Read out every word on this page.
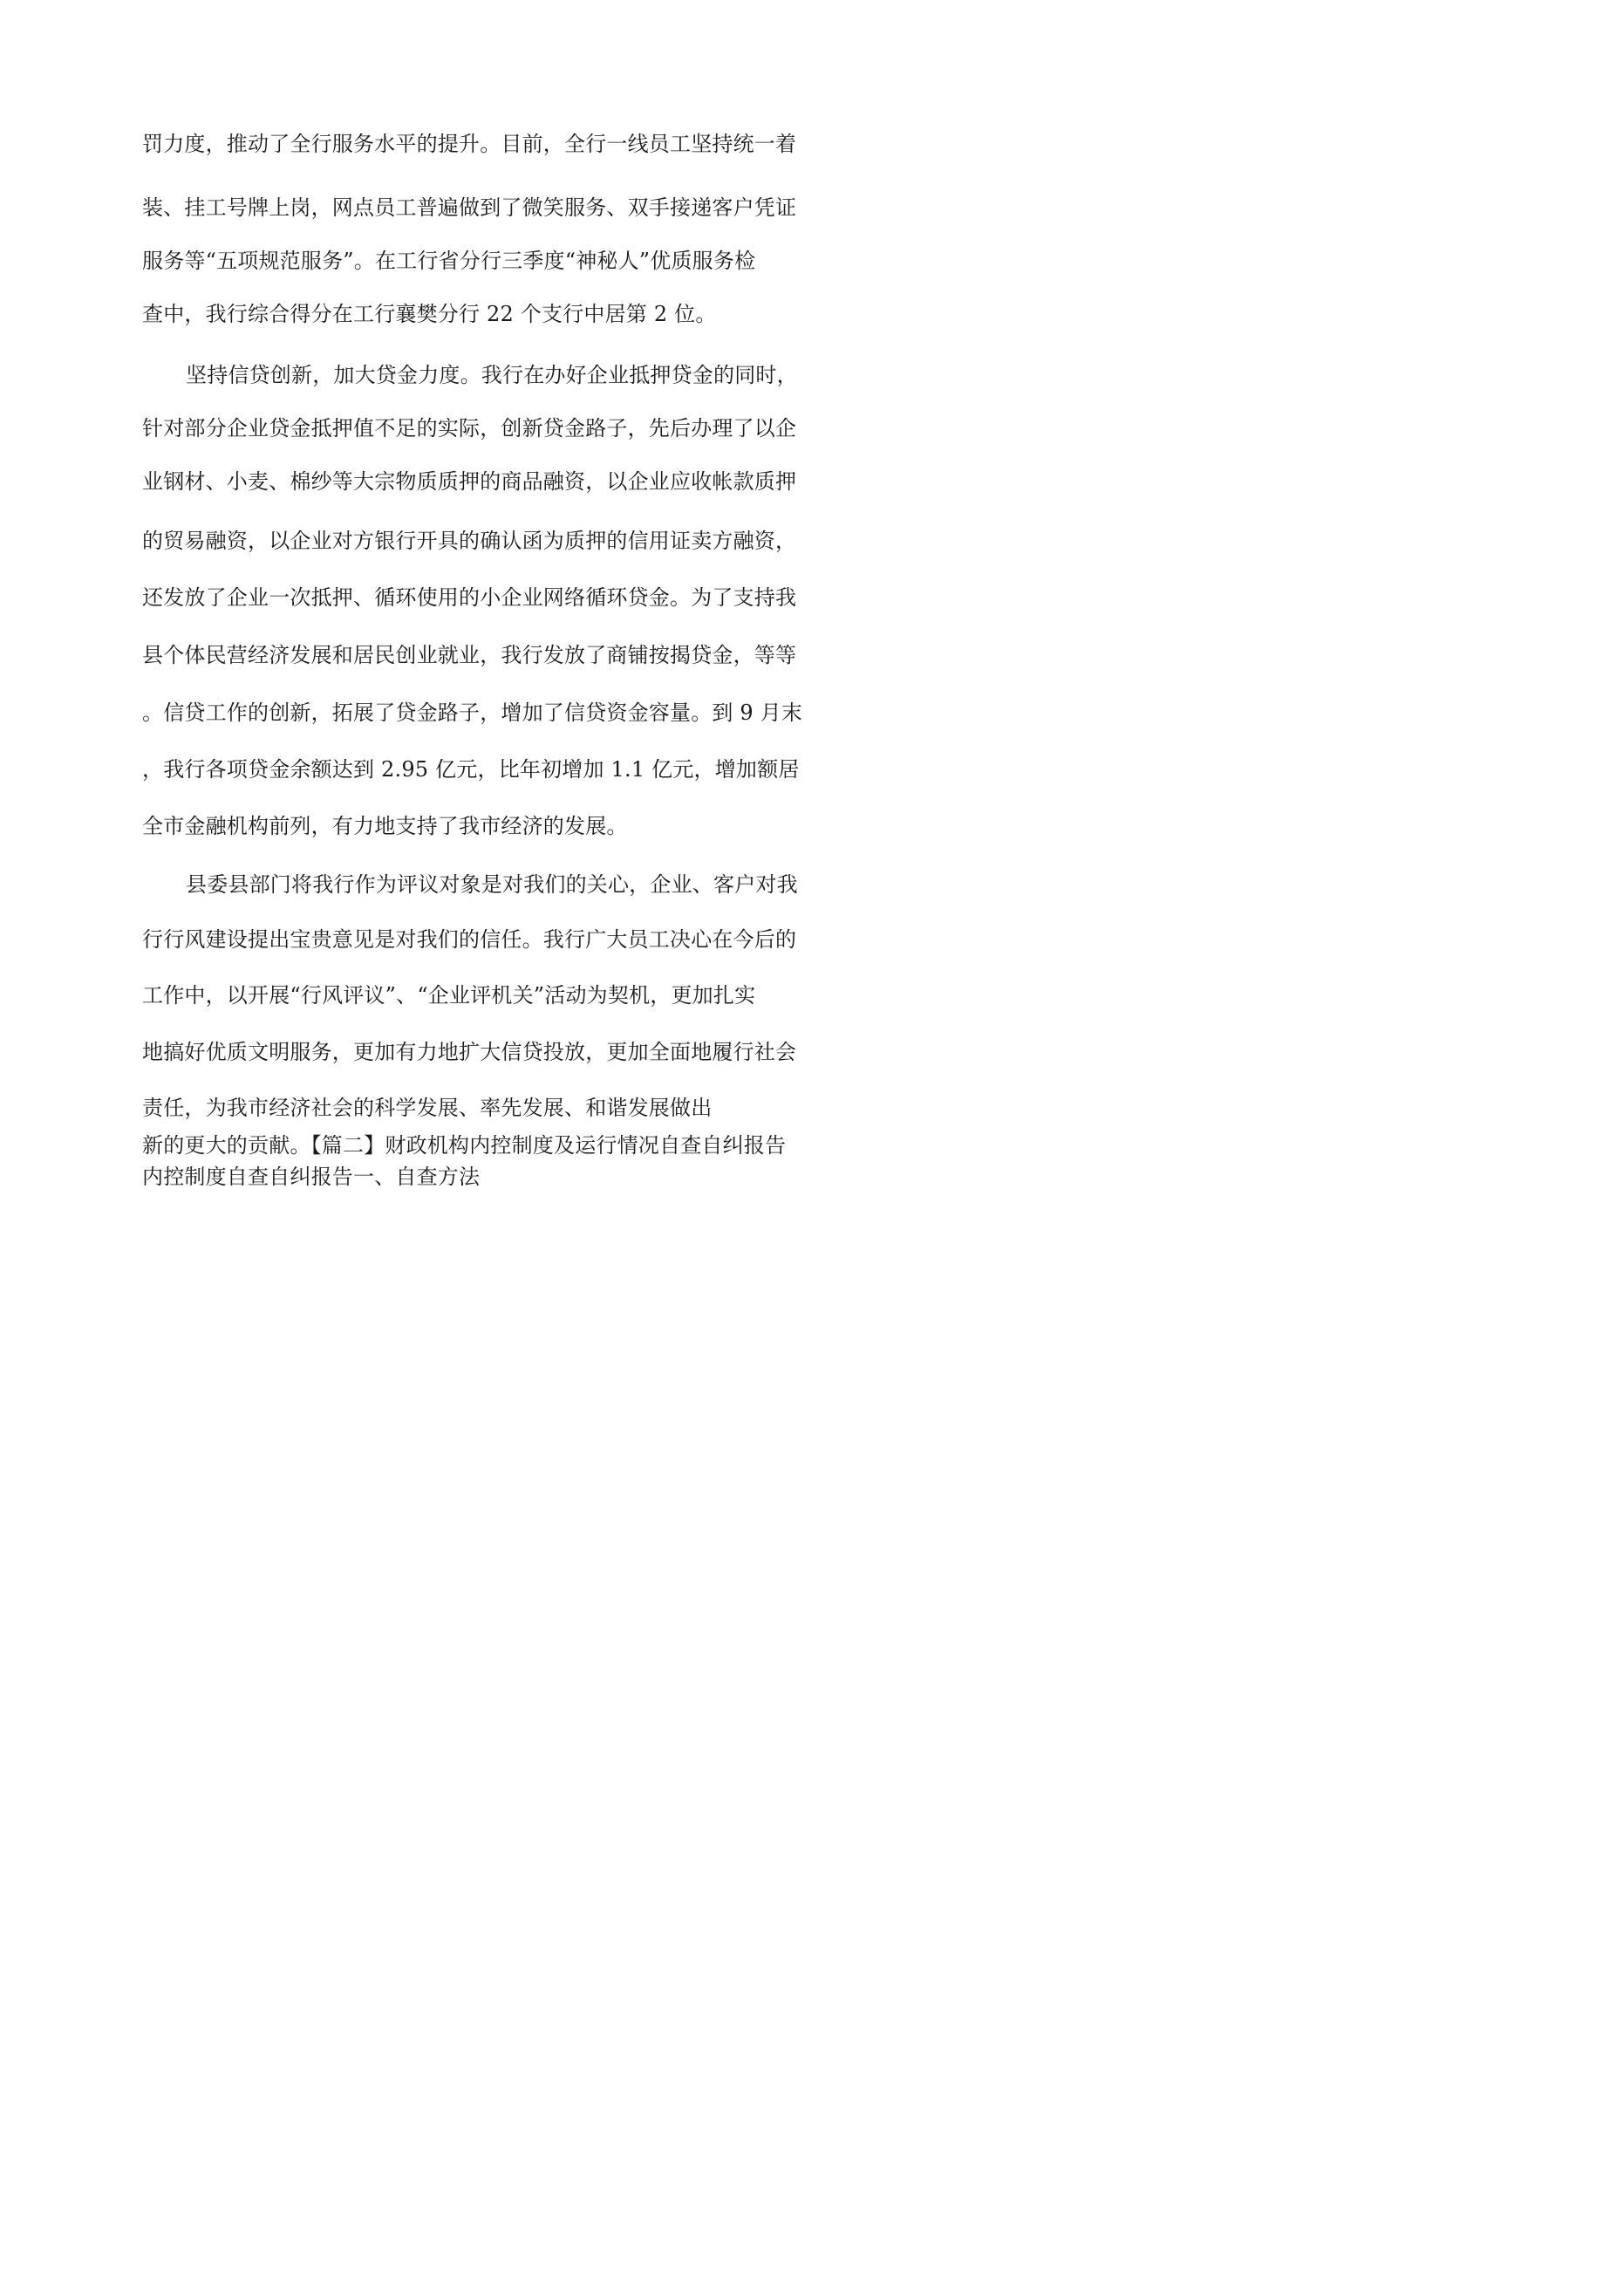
罚力度，推动了全行服务水平的提升。目前，全行一线员工坚持统一着

装、挂工号牌上岗，网点员工普遍做到了微笑服务、双手接递客户凭证

服务等“五项规范服务”。在工行省分行三季度“神秘人”优质服务检

查中，我行综合得分在工行襄樊分行 22 个支行中居第 2 位。

坚持信贷创新，加大贷金力度。我行在办好企业抵押贷金的同时，

针对部分企业贷金抵押值不足的实际，创新贷金路子，先后办理了以企

业钢材、小麦、棉纱等大宗物质质押的商品融资，以企业应收帐款质押

的贸易融资，以企业对方银行开具的确认函为质押的信用证卖方融资，

还发放了企业一次抵押、循环使用的小企业网络循环贷金。为了支持我

县个体民营经济发展和居民创业就业，我行发放了商铺按揭贷金，等等

。信贷工作的创新，拓展了贷金路子，增加了信贷资金容量。到 9 月末

，我行各项贷金余额达到 2.95 亿元，比年初增加 1.1 亿元，增加额居

全市金融机构前列，有力地支持了我市经济的发展。

县委县部门将我行作为评议对象是对我们的关心，企业、客户对我

行行风建设提出宝贵意见是对我们的信任。我行广大员工决心在今后的

工作中，以开展“行风评议”、“企业评机关”活动为契机，更加扎实

地搞好优质文明服务，更加有力地扩大信贷投放，更加全面地履行社会

责任，为我市经济社会的科学发展、率先发展、和谐发展做出

新的更大的贡献。【篇二】财政机构内控制度及运行情况自查自纠报告

内控制度自查自纠报告一、自查方法
